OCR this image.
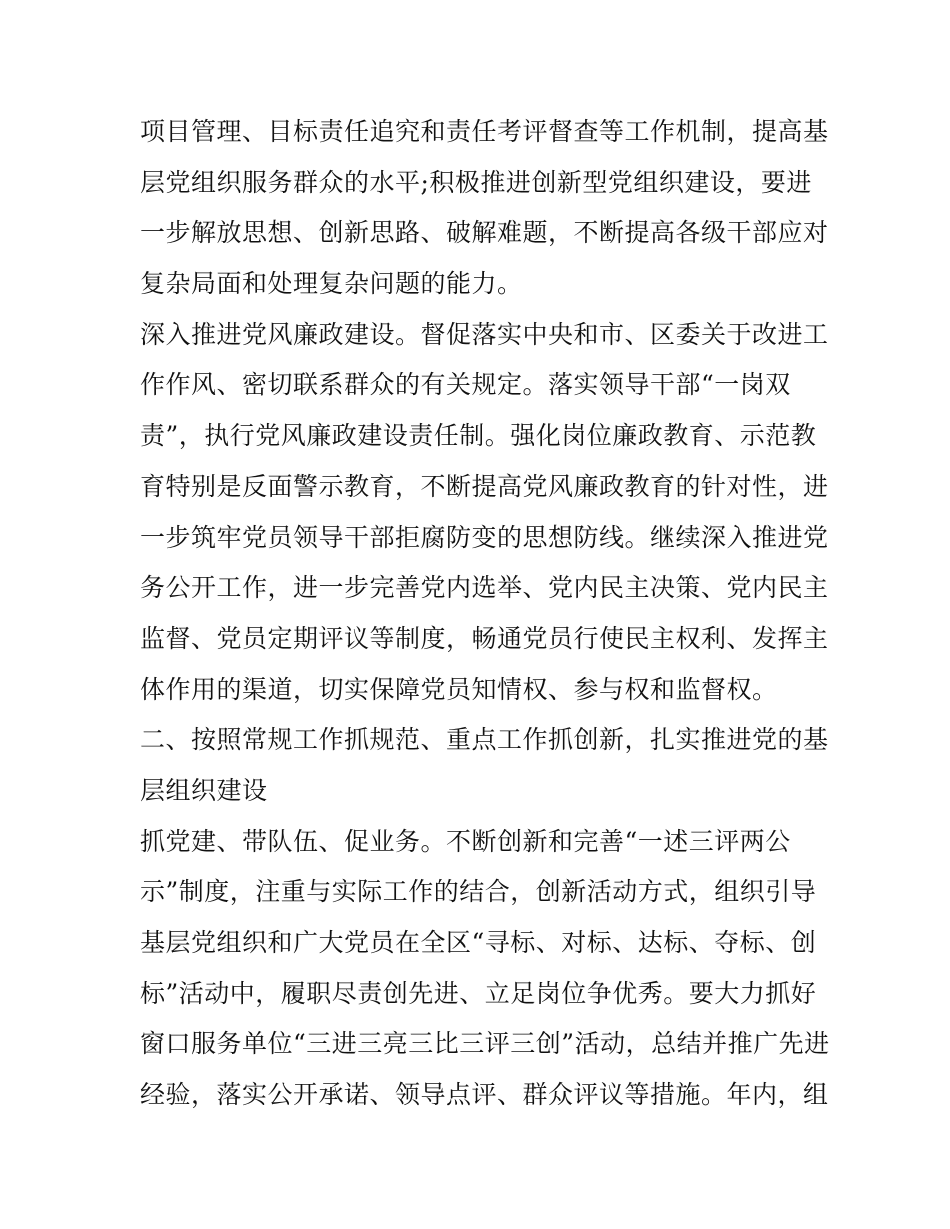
项目管理、目标责任追究和责任考评督查等工作机制，提高基
层党组织服务群众的水平;积极推进创新型党组织建设，要进
一步解放思想、创新思路、破解难题，不断提高各级干部应对
复杂局面和处理复杂问题的能力。
深入推进党风廉政建设。督促落实中央和市、区委关于改进工
作作风、密切联系群众的有关规定。落实领导干部“一岗双
责”，执行党风廉政建设责任制。强化岗位廉政教育、示范教
育特别是反面警示教育，不断提高党风廉政教育的针对性，进
一步筑牢党员领导干部拒腐防变的思想防线。继续深入推进党
务公开工作，进一步完善党内选举、党内民主决策、党内民主
监督、党员定期评议等制度，畅通党员行使民主权利、发挥主
体作用的渠道，切实保障党员知情权、参与权和监督权。
二、按照常规工作抓规范、重点工作抓创新，扎实推进党的基
层组织建设
抓党建、带队伍、促业务。不断创新和完善“一述三评两公
示”制度，注重与实际工作的结合，创新活动方式，组织引导
基层党组织和广大党员在全区“寻标、对标、达标、夺标、创
标”活动中，履职尽责创先进、立足岗位争优秀。要大力抓好
窗口服务单位“三进三亮三比三评三创”活动，总结并推广先进
经验，落实公开承诺、领导点评、群众评议等措施。年内，组
